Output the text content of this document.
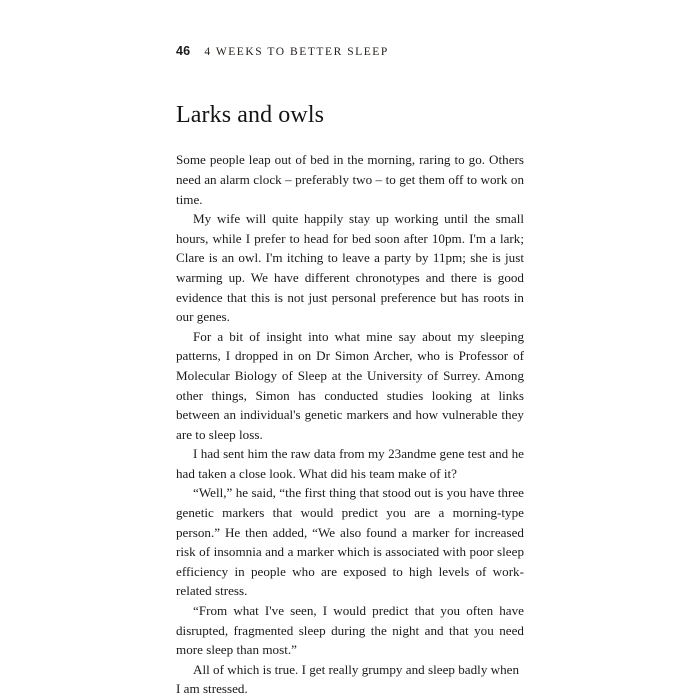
46 4 WEEKS TO BETTER SLEEP
Larks and owls

Some people leap out of bed in the morning, raring to go. Others need an alarm clock – preferably two – to get them off to work on time.

My wife will quite happily stay up working until the small hours, while I prefer to head for bed soon after 10pm. I'm a lark; Clare is an owl. I'm itching to leave a party by 11pm; she is just warming up. We have different chronotypes and there is good evidence that this is not just personal preference but has roots in our genes.

For a bit of insight into what mine say about my sleeping patterns, I dropped in on Dr Simon Archer, who is Professor of Molecular Biology of Sleep at the University of Surrey. Among other things, Simon has conducted studies looking at links between an individual's genetic markers and how vulnerable they are to sleep loss.

I had sent him the raw data from my 23andme gene test and he had taken a close look. What did his team make of it?

“Well,” he said, “the first thing that stood out is you have three genetic markers that would predict you are a morning-type person.” He then added, “We also found a marker for increased risk of insomnia and a marker which is associated with poor sleep efficiency in people who are exposed to high levels of work-related stress.

“From what I've seen, I would predict that you often have disrupted, fragmented sleep during the night and that you need more sleep than most.”

All of which is true. I get really grumpy and sleep badly when I am stressed.
